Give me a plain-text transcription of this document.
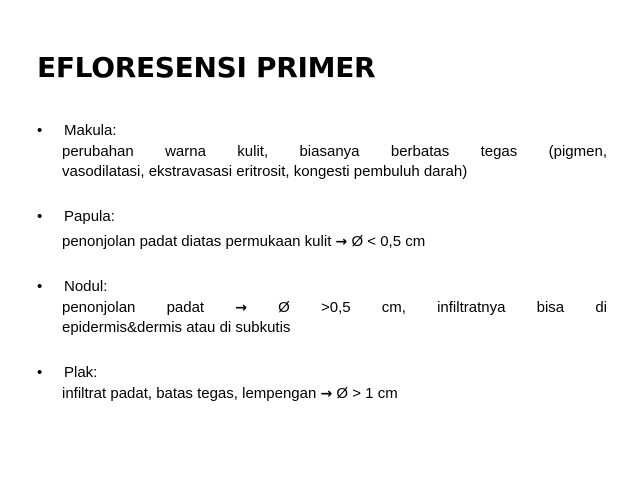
EFLORESENSI PRIMER
•	Makula:
perubahan warna kulit, biasanya berbatas tegas (pigmen,
vasodilatasi, ekstravasasi eritrosit, kongesti pembuluh darah)
•	Papula:
penonjolan padat diatas permukaan kulit → Ø < 0,5 cm
•	Nodul:
penonjolan padat → Ø >0,5 cm, infiltratnya bisa di
epidermis&dermis atau di subkutis
•	Plak:
infiltrat padat, batas tegas, lempengan → Ø > 1 cm
